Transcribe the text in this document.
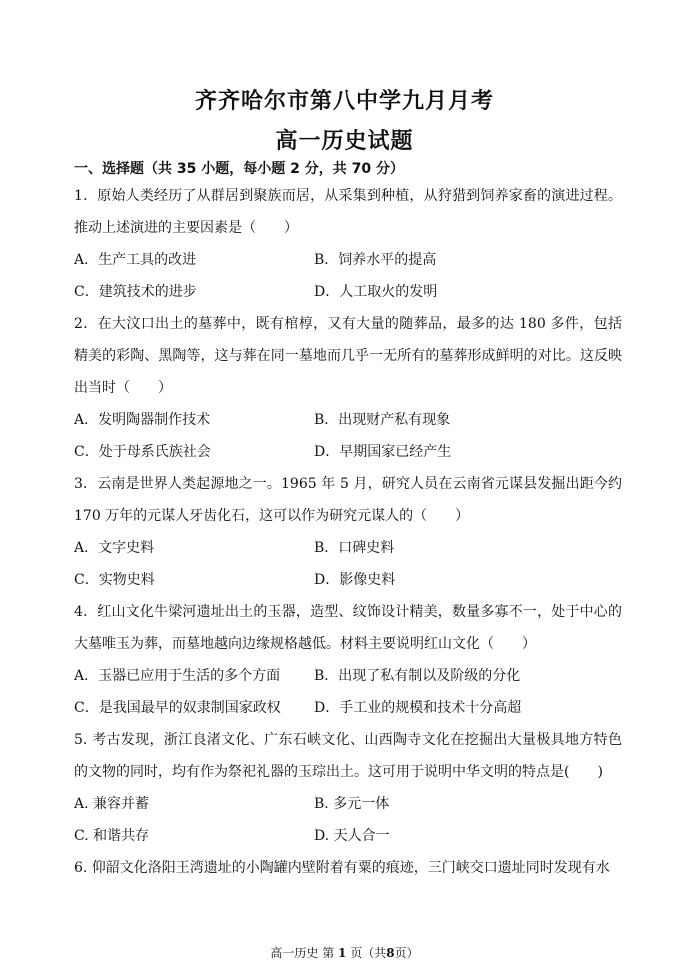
齐齐哈尔市第八中学九月月考
高一历史试题
一、选择题（共 35 小题，每小题 2 分，共 70 分）

1．原始人类经历了从群居到聚族而居，从采集到种植，从狩猎到饲养家畜的演进过程。推动上述演进的主要因素是（　　）

A．生产工具的改进	B．饲养水平的提高
C．建筑技术的进步	D．人工取火的发明

2．在大汶口出土的墓葬中，既有棺椁，又有大量的随葬品，最多的达 180 多件，包括精美的彩陶、黑陶等，这与葬在同一墓地而几乎一无所有的墓葬形成鲜明的对比。这反映出当时（　　）

A．发明陶器制作技术	B．出现财产私有现象
C．处于母系氏族社会	D．早期国家已经产生

3．云南是世界人类起源地之一。1965 年 5 月，研究人员在云南省元谋县发掘出距今约 170 万年的元谋人牙齿化石，这可以作为研究元谋人的（　　）

A．文字史料	B．口碑史料
C．实物史料	D．影像史料

4．红山文化牛梁河遗址出土的玉器，造型、纹饰设计精美，数量多寡不一，处于中心的大墓唯玉为葬，而墓地越向边缘规格越低。材料主要说明红山文化（　　）

A．玉器已应用于生活的多个方面	B．出现了私有制以及阶级的分化
C．是我国最早的奴隶制国家政权	D．手工业的规模和技术十分高超

5. 考古发现，浙江良渚文化、广东石峡文化、山西陶寺文化在挖掘出大量极具地方特色的文物的同时，均有作为祭祀礼器的玉琮出土。这可用于说明中华文明的特点是(　　)

A. 兼容并蓄	B. 多元一体
C. 和谐共存	D. 天人合一

6. 仰韶文化洛阳王湾遗址的小陶罐内壁附着有粟的痕迹，三门峡交口遗址同时发现有水

高一历史 第 1 页（共8页）
